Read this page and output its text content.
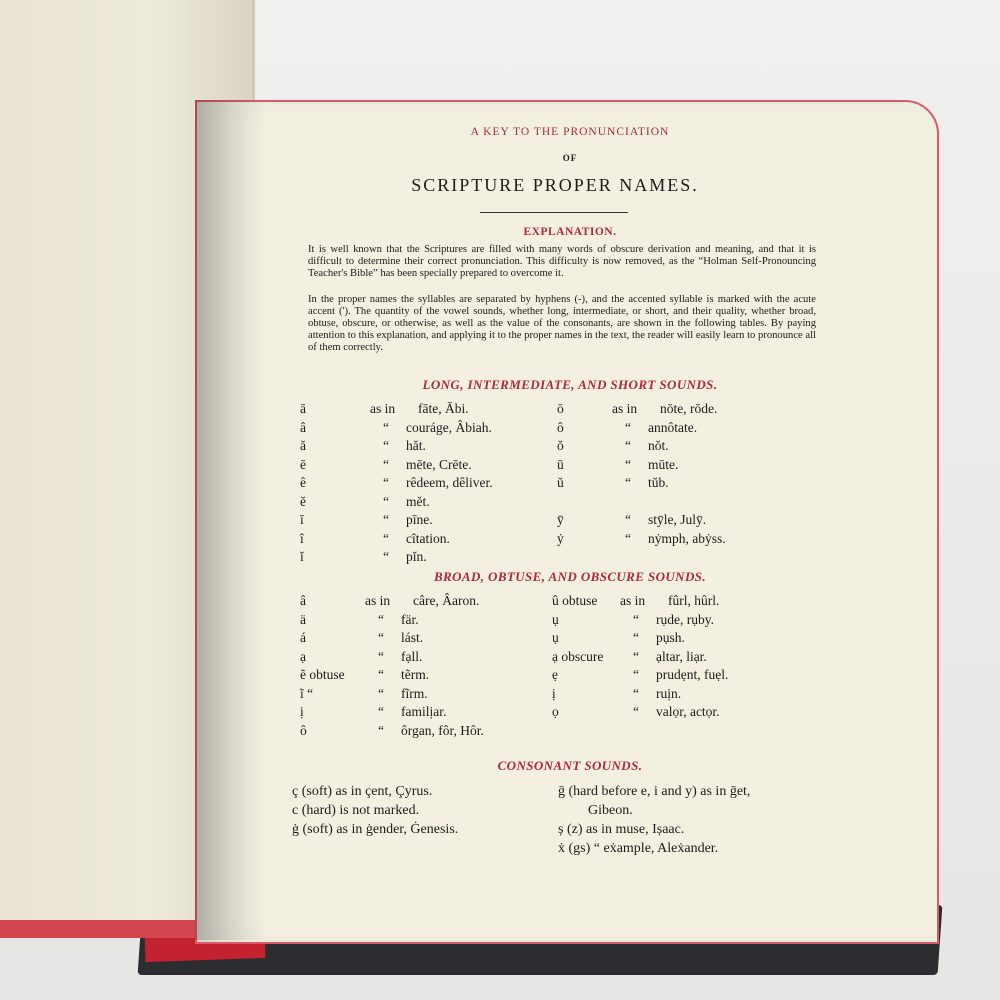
A KEY TO THE PRONUNCIATION
OF
SCRIPTURE PROPER NAMES.
EXPLANATION.
It is well known that the Scriptures are filled with many words of obscure derivation and meaning, and that it is difficult to determine their correct pronunciation. This difficulty is now removed, as the “Holman Self-Pronouncing Teacher's Bible” has been specially prepared to overcome it.
In the proper names the syllables are separated by hyphens (-), and the accented syllable is marked with the acute accent ('). The quantity of the vowel sounds, whether long, intermediate, or short, and their quality, whether broad, obtuse, obscure, or otherwise, as well as the value of the consonants, are shown in the following tables. By paying attention to this explanation, and applying it to the proper names in the text, the reader will easily learn to pronounce all of them correctly.
LONG, INTERMEDIATE, AND SHORT SOUNDS.
ā	as in	fāte, Ābi.
â	“	couráge, Âbiah.
ă	“	hăt.
ē	“	mēte, Crēte.
ê	“	rêdeem, dêliver.
ĕ	“	mĕt.
ī	“	pīne.
î	“	cîtation.
ĭ	“	pĭn.
ō	as in	nōte, rōde.
ô	“	annôtate.
ŏ	“	nŏt.
ū	“	mūte.
ŭ	“	tŭb.

ȳ	“	stȳle, Julȳ.
ẏ	“	nẏmph, abẏss.
BROAD, OBTUSE, AND OBSCURE SOUNDS.
â	as in	câre, Âaron.
ä	“	fär.
á	“	lást.
ạ	“	fạll.
ẽ obtuse	“	tẽrm.
ĩ “	“	fĩrm.
ị	“	familịar.
ô	“	ôrgan, fôr, Hôr.
û obtuse	as in	fûrl, hûrl.
ụ	“	rụde, rụby.
ụ	“	pụsh.
ạ obscure	“	ạltar, liạr.
ẹ	“	prudẹnt, fuẹl.
ị	“	ruịn.
ọ	“	valọr, actọr.
CONSONANT SOUNDS.
ç (soft) as in çent, Çyrus.
c (hard) is not marked.
ġ (soft) as in ġender, Ġenesis.
ḡ (hard before e, i and y) as in ḡet,
Gibeon.
ș (z) as in muse, Ișaac.
ẋ (gs) “ eẋample, Aleẋander.
